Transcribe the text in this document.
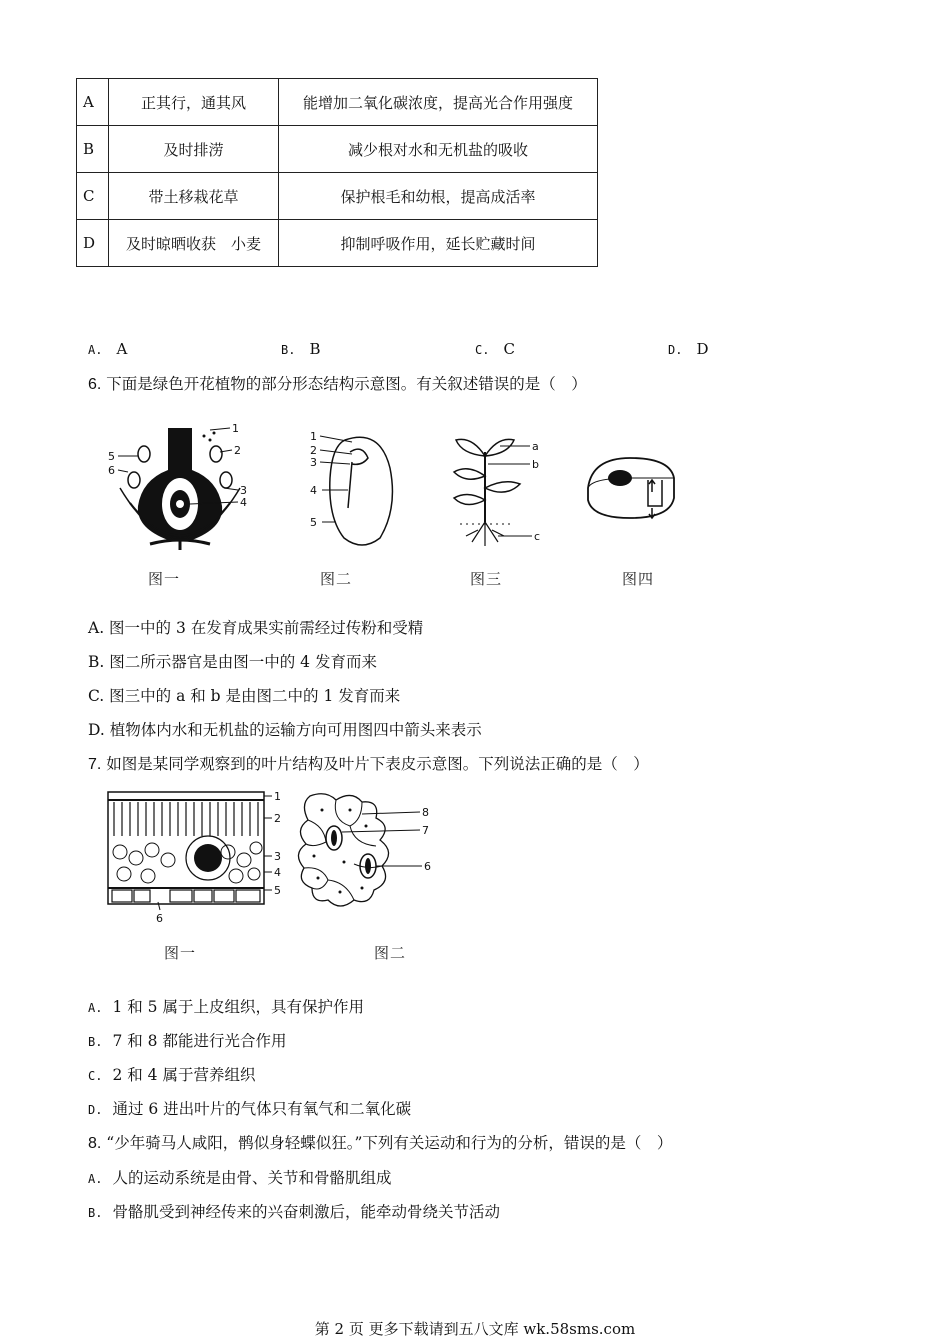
A	正其行，通其风	能增加二氧化碳浓度，提高光合作用强度
B	及时排涝	减少根对水和无机盐的吸收
C	带土移栽花草	保护根毛和幼根，提高成活率
D	及时晾晒收获　小麦	抑制呼吸作用，延长贮藏时间
A. A	B. B	C. C	D. D
6. 下面是绿色开花植物的部分形态结构示意图。有关叙述错误的是（　）
1
2
3
4
5
6
1
2
3
4
5
a
b
c
图一	图二	图三	图四
A. 图一中的 3 在发育成果实前需经过传粉和受精
B. 图二所示器官是由图一中的 4 发育而来
C. 图三中的 a 和 b 是由图二中的 1 发育而来
D. 植物体内水和无机盐的运输方向可用图四中箭头来表示
7. 如图是某同学观察到的叶片结构及叶片下表皮示意图。下列说法正确的是（　）
1
2
3
4
5
6
8
7
6
图一	图二
A. 1 和 5 属于上皮组织，具有保护作用
B. 7 和 8 都能进行光合作用
C. 2 和 4 属于营养组织
D. 通过 6 进出叶片的气体只有氧气和二氧化碳
8. “少年骑马人咸阳，鹘似身轻蝶似狂。”下列有关运动和行为的分析，错误的是（　）
A. 人的运动系统是由骨、关节和骨骼肌组成
B. 骨骼肌受到神经传来的兴奋刺激后，能牵动骨绕关节活动
第 2 页 更多下载请到五八文库 wk.58sms.com
